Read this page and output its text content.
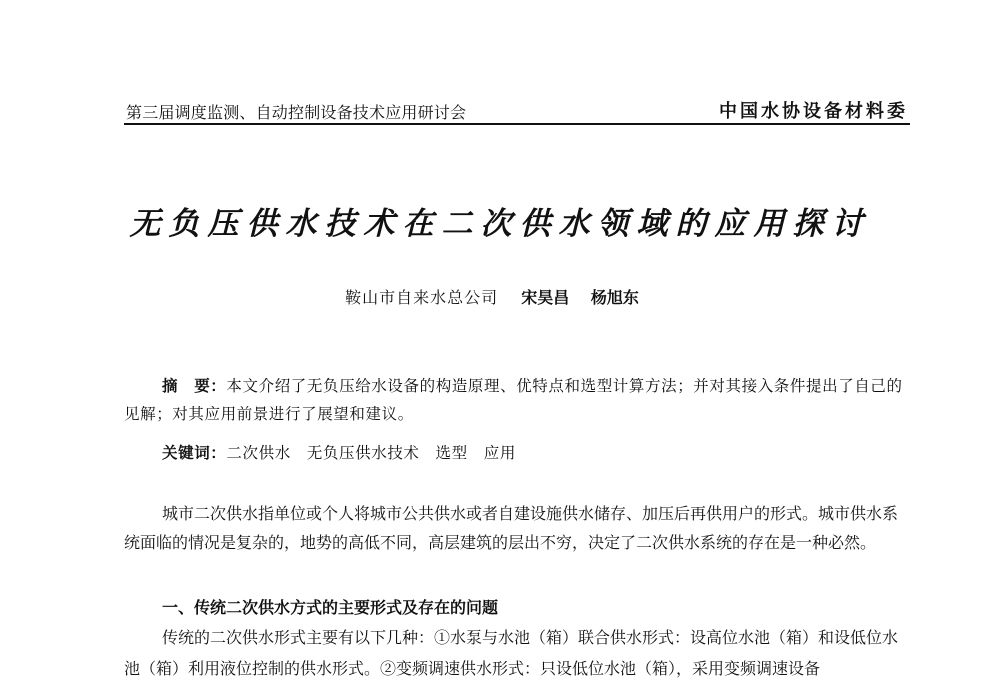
第三届调度监测、自动控制设备技术应用研讨会	中国水协设备材料委
无负压供水技术在二次供水领域的应用探讨
鞍山市自来水总公司 宋昊昌 杨旭东
摘　要：本文介绍了无负压给水设备的构造原理、优特点和选型计算方法；并对其接入条件提出了自己的见解；对其应用前景进行了展望和建议。
关键词：二次供水 无负压供水技术 选型 应用
城市二次供水指单位或个人将城市公共供水或者自建设施供水储存、加压后再供用户的形式。城市供水系统面临的情况是复杂的，地势的高低不同，高层建筑的层出不穷，决定了二次供水系统的存在是一种必然。
一、传统二次供水方式的主要形式及存在的问题
传统的二次供水形式主要有以下几种：①水泵与水池（箱）联合供水形式：设高位水池（箱）和设低位水池（箱）利用液位控制的供水形式。②变频调速供水形式：只设低位水池（箱），采用变频调速设备
